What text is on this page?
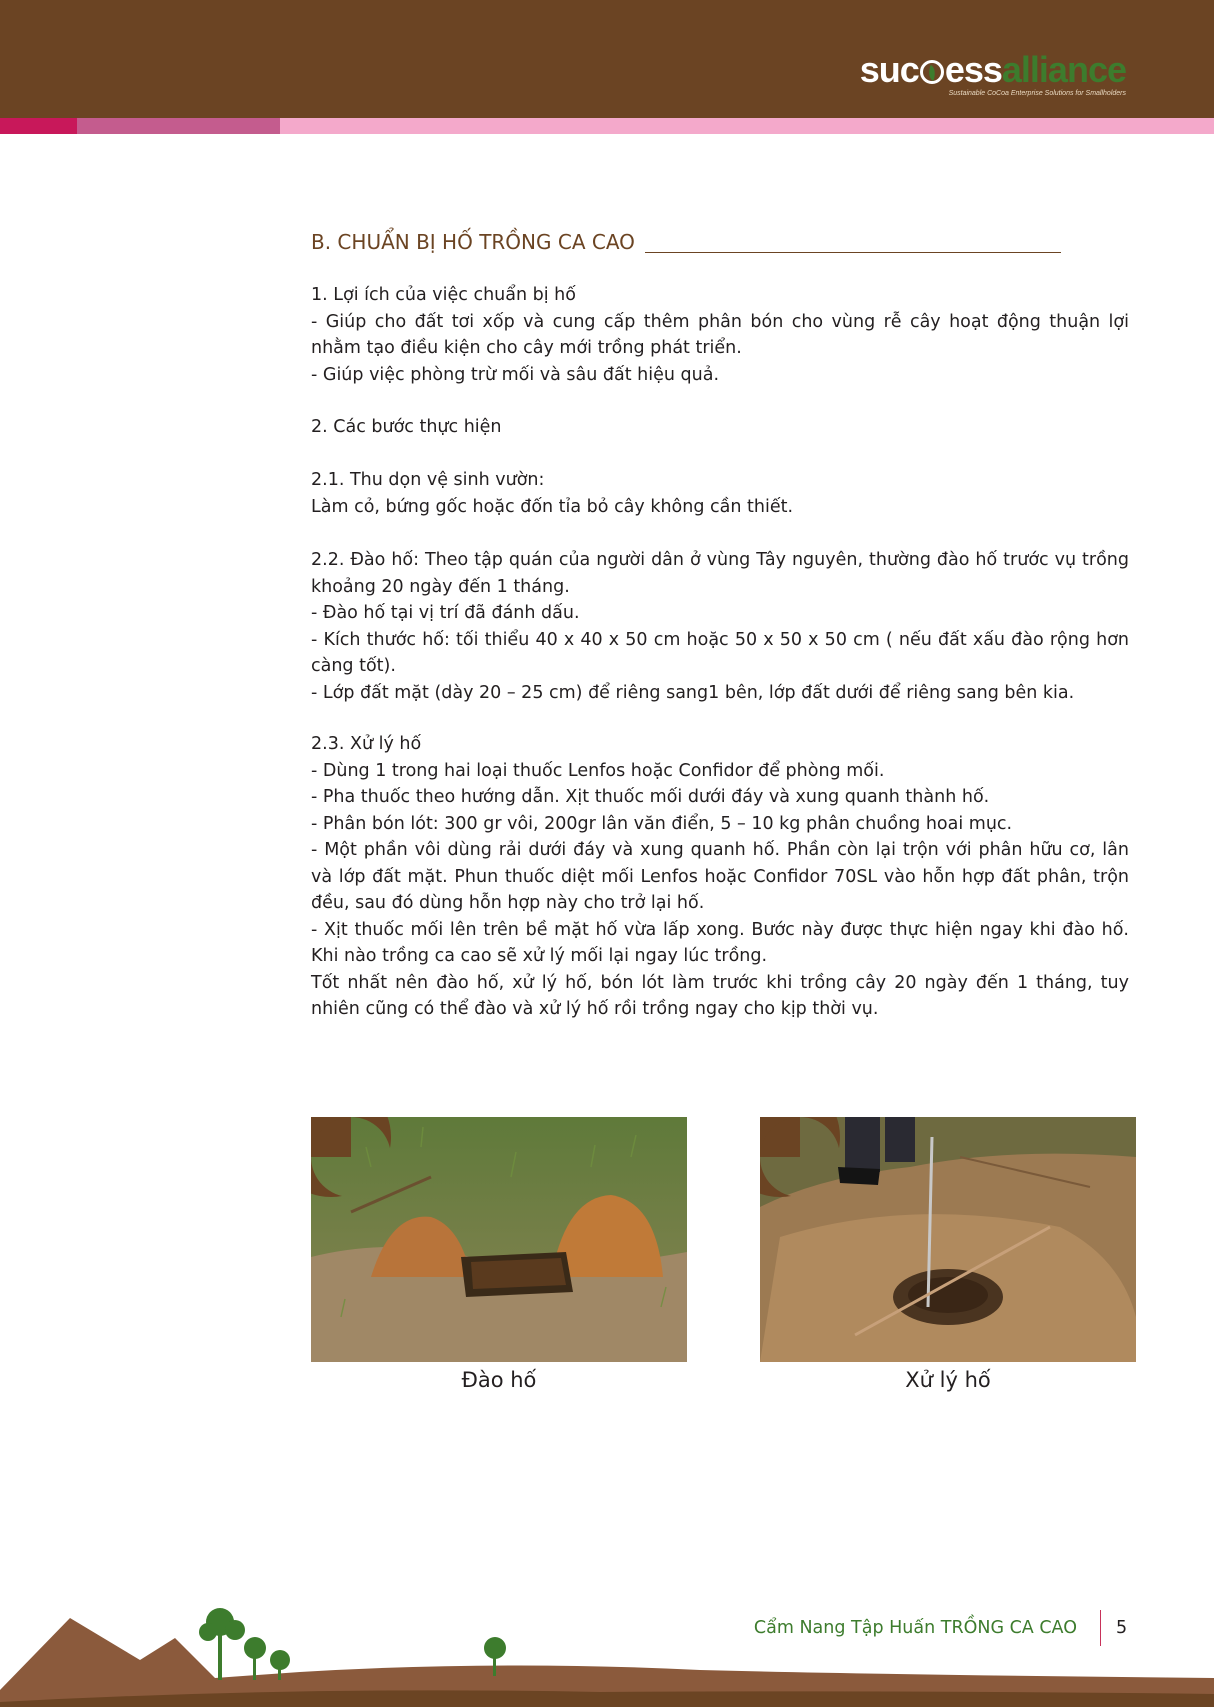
suc essalliance
Sustainable CoCoa Enterprise Solutions for Smallholders
B. CHUẨN BỊ HỐ TRỒNG CA CAO
1. Lợi ích của việc chuẩn bị hố
- Giúp cho đất tơi xốp và cung cấp thêm phân bón cho vùng rễ cây hoạt động thuận lợi nhằm tạo điều kiện cho cây mới trồng phát triển.
- Giúp việc phòng trừ mối và sâu đất hiệu quả.
2. Các bước thực hiện
2.1. Thu dọn vệ sinh vườn:
Làm cỏ, bứng gốc hoặc đốn tỉa bỏ cây không cần thiết.
2.2. Đào hố: Theo tập quán của người dân ở vùng Tây nguyên, thường đào hố trước vụ trồng khoảng 20 ngày đến 1 tháng.
- Đào hố tại vị trí đã đánh dấu.
- Kích thước hố: tối thiểu 40 x 40 x 50 cm hoặc 50 x 50 x 50 cm ( nếu đất xấu đào rộng hơn càng tốt).
- Lớp đất mặt (dày 20 – 25 cm) để riêng sang1 bên, lớp đất dưới để riêng sang bên kia.
2.3. Xử lý hố
- Dùng 1 trong hai loại thuốc Lenfos hoặc Confidor để phòng mối.
- Pha thuốc theo hướng dẫn. Xịt thuốc mối dưới đáy và xung quanh thành hố.
- Phân bón lót: 300 gr vôi, 200gr lân văn điển, 5 – 10 kg phân chuồng hoai mục.
- Một phần vôi dùng rải dưới đáy và xung quanh hố. Phần còn lại trộn với phân hữu cơ, lân và lớp đất mặt. Phun thuốc diệt mối Lenfos hoặc Confidor 70SL vào hỗn hợp đất phân, trộn đều, sau đó dùng hỗn hợp này cho trở lại hố.
- Xịt thuốc mối lên trên bề mặt hố vừa lấp xong. Bước này được thực hiện ngay khi đào hố. Khi nào trồng ca cao sẽ xử lý mối lại ngay lúc trồng.
Tốt nhất nên đào hố, xử lý hố, bón lót làm trước khi trồng cây 20 ngày đến 1 tháng, tuy nhiên cũng có thể đào và xử lý hố rồi trồng ngay cho kịp thời vụ.
Đào hố	Xử lý hố
Cẩm Nang Tập Huấn TRỒNG CA CAO 5
